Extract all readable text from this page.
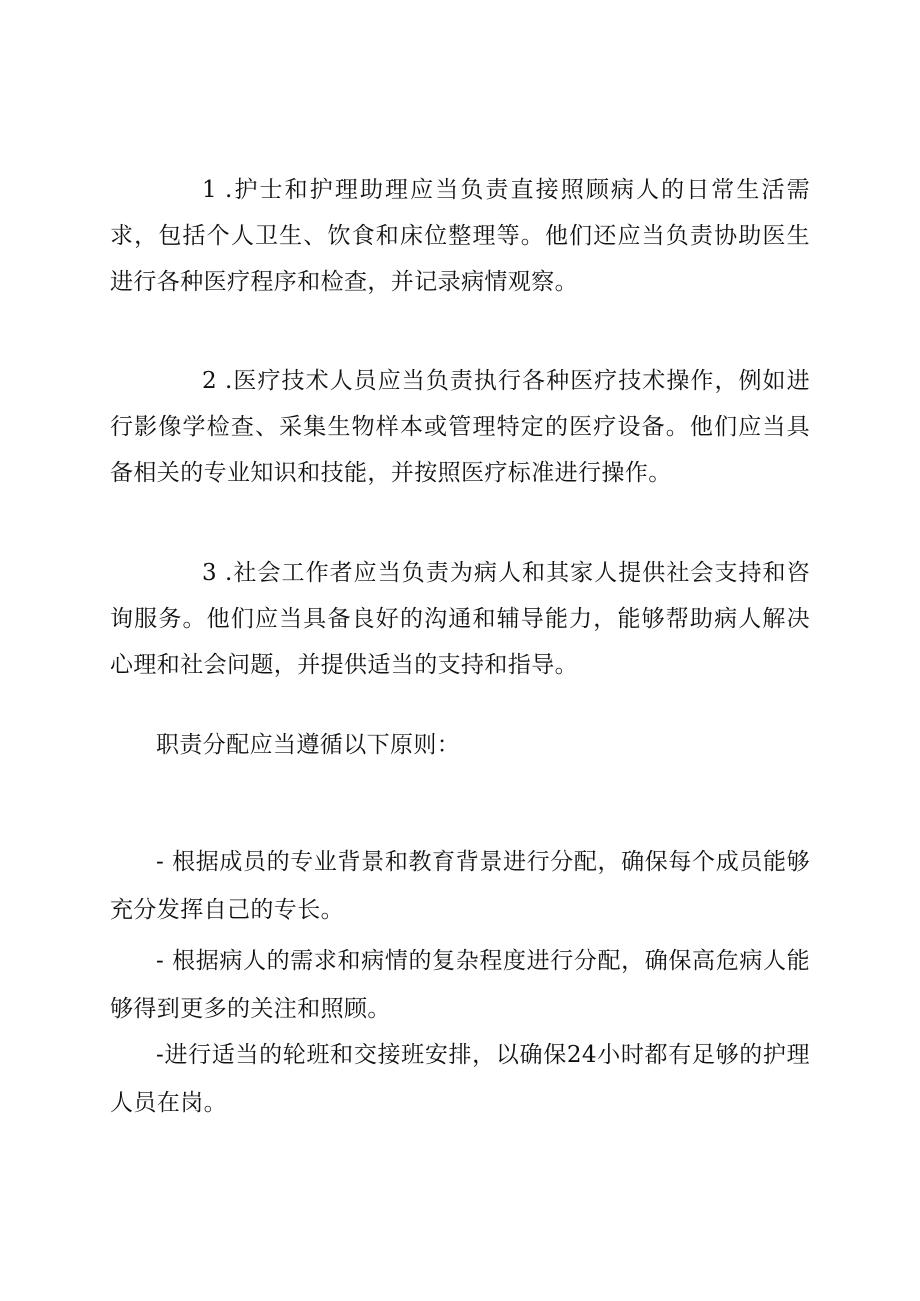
1 .护士和护理助理应当负责直接照顾病人的日常生活需求，包括个人卫生、饮食和床位整理等。他们还应当负责协助医生进行各种医疗程序和检查，并记录病情观察。

2 .医疗技术人员应当负责执行各种医疗技术操作，例如进行影像学检查、采集生物样本或管理特定的医疗设备。他们应当具备相关的专业知识和技能，并按照医疗标准进行操作。

3 .社会工作者应当负责为病人和其家人提供社会支持和咨询服务。他们应当具备良好的沟通和辅导能力，能够帮助病人解决心理和社会问题，并提供适当的支持和指导。

职责分配应当遵循以下原则：

- 根据成员的专业背景和教育背景进行分配，确保每个成员能够充分发挥自己的专长。

- 根据病人的需求和病情的复杂程度进行分配，确保高危病人能够得到更多的关注和照顾。

-进行适当的轮班和交接班安排，以确保24小时都有足够的护理人员在岗。
